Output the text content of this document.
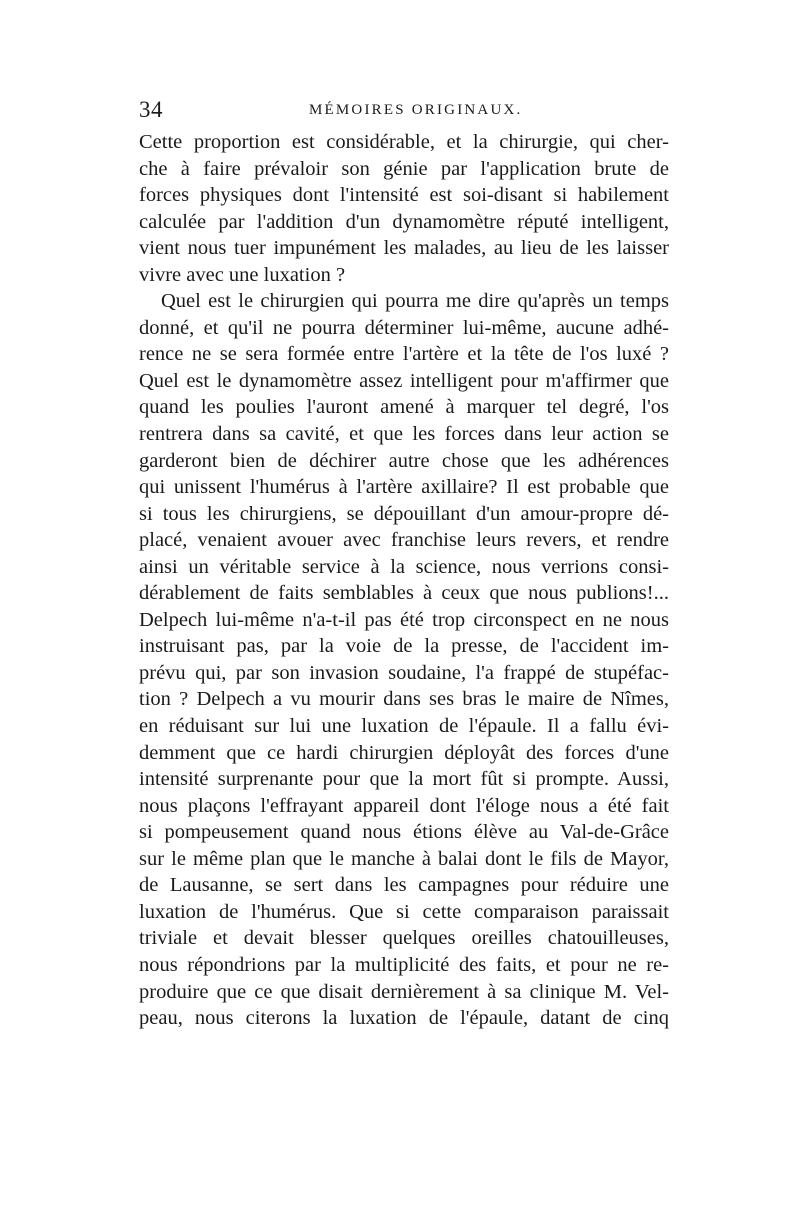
34	MÉMOIRES ORIGINAUX.
Cette proportion est considérable, et la chirurgie, qui cher-
che à faire prévaloir son génie par l'application brute de
forces physiques dont l'intensité est soi-disant si habilement
calculée par l'addition d'un dynamomètre réputé intelligent,
vient nous tuer impunément les malades, au lieu de les laisser
vivre avec une luxation ?
Quel est le chirurgien qui pourra me dire qu'après un temps
donné, et qu'il ne pourra déterminer lui-même, aucune adhé-
rence ne se sera formée entre l'artère et la tête de l'os luxé ?
Quel est le dynamomètre assez intelligent pour m'affirmer que
quand les poulies l'auront amené à marquer tel degré, l'os
rentrera dans sa cavité, et que les forces dans leur action se
garderont bien de déchirer autre chose que les adhérences
qui unissent l'humérus à l'artère axillaire? Il est probable que
si tous les chirurgiens, se dépouillant d'un amour-propre dé-
placé, venaient avouer avec franchise leurs revers, et rendre
ainsi un véritable service à la science, nous verrions consi-
dérablement de faits semblables à ceux que nous publions!...
Delpech lui-même n'a-t-il pas été trop circonspect en ne nous
instruisant pas, par la voie de la presse, de l'accident im-
prévu qui, par son invasion soudaine, l'a frappé de stupéfac-
tion ? Delpech a vu mourir dans ses bras le maire de Nîmes,
en réduisant sur lui une luxation de l'épaule. Il a fallu évi-
demment que ce hardi chirurgien déployât des forces d'une
intensité surprenante pour que la mort fût si prompte. Aussi,
nous plaçons l'effrayant appareil dont l'éloge nous a été fait
si pompeusement quand nous étions élève au Val-de-Grâce
sur le même plan que le manche à balai dont le fils de Mayor,
de Lausanne, se sert dans les campagnes pour réduire une
luxation de l'humérus. Que si cette comparaison paraissait
triviale et devait blesser quelques oreilles chatouilleuses,
nous répondrions par la multiplicité des faits, et pour ne re-
produire que ce que disait dernièrement à sa clinique M. Vel-
peau, nous citerons la luxation de l'épaule, datant de cinq
